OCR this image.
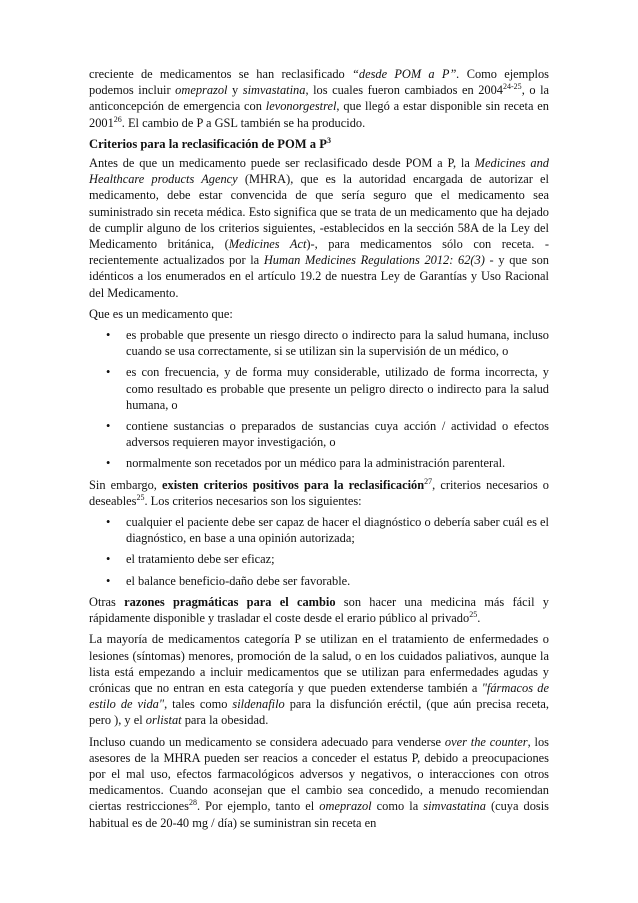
creciente de medicamentos se han reclasificado “desde POM a P”. Como ejemplos podemos incluir omeprazol y simvastatina, los cuales fueron cambiados en 2004$^{24-25}$, o la anticoncepción de emergencia con levonorgestrel, que llegó a estar disponible sin receta en 2001$^{26}$. El cambio de P a GSL también se ha producido.

Criterios para la reclasificación de POM a $P^3$

Antes de que un medicamento puede ser reclasificado desde POM a P, la Medicines and Healthcare products Agency (MHRA), que es la autoridad encargada de autorizar el medicamento, debe estar convencida de que sería seguro que el medicamento sea suministrado sin receta médica. Esto significa que se trata de un medicamento que ha dejado de cumplir alguno de los criterios siguientes, -establecidos en la sección 58A de la Ley del Medicamento británica, (Medicines Act)-, para medicamentos sólo con receta. - recientemente actualizados por la Human Medicines Regulations 2012: 62(3) - y que son idénticos a los enumerados en el artículo 19.2 de nuestra Ley de Garantías y Uso Racional del Medicamento.

Que es un medicamento que:

• es probable que presente un riesgo directo o indirecto para la salud humana, incluso cuando se usa correctamente, si se utilizan sin la supervisión de un médico, o
• es con frecuencia, y de forma muy considerable, utilizado de forma incorrecta, y como resultado es probable que presente un peligro directo o indirecto para la salud humana, o
• contiene sustancias o preparados de sustancias cuya acción / actividad o efectos adversos requieren mayor investigación, o
• normalmente son recetados por un médico para la administración parenteral.

Sin embargo, existen criterios positivos para la reclasificación$^{27}$, criterios necesarios o deseables$^{25}$. Los criterios necesarios son los siguientes:

• cualquier el paciente debe ser capaz de hacer el diagnóstico o debería saber cuál es el diagnóstico, en base a una opinión autorizada;
• el tratamiento debe ser eficaz;
• el balance beneficio-daño debe ser favorable.

Otras razones pragmáticas para el cambio son hacer una medicina más fácil y rápidamente disponible y trasladar el coste desde el erario público al privado$^{25}$.

La mayoría de medicamentos categoría P se utilizan en el tratamiento de enfermedades o lesiones (síntomas) menores, promoción de la salud, o en los cuidados paliativos, aunque la lista está empezando a incluir medicamentos que se utilizan para enfermedades agudas y crónicas que no entran en esta categoría y que pueden extenderse también a "fármacos de estilo de vida", tales como sildenafilo para la disfunción eréctil, (que aún precisa receta, pero ), y el orlistat para la obesidad.

Incluso cuando un medicamento se considera adecuado para venderse over the counter, los asesores de la MHRA pueden ser reacios a conceder el estatus P, debido a preocupaciones por el mal uso, efectos farmacológicos adversos y negativos, o interacciones con otros medicamentos. Cuando aconsejan que el cambio sea concedido, a menudo recomiendan ciertas restricciones$^{28}$. Por ejemplo, tanto el omeprazol como la simvastatina (cuya dosis habitual es de 20-40 mg / día) se suministran sin receta en
